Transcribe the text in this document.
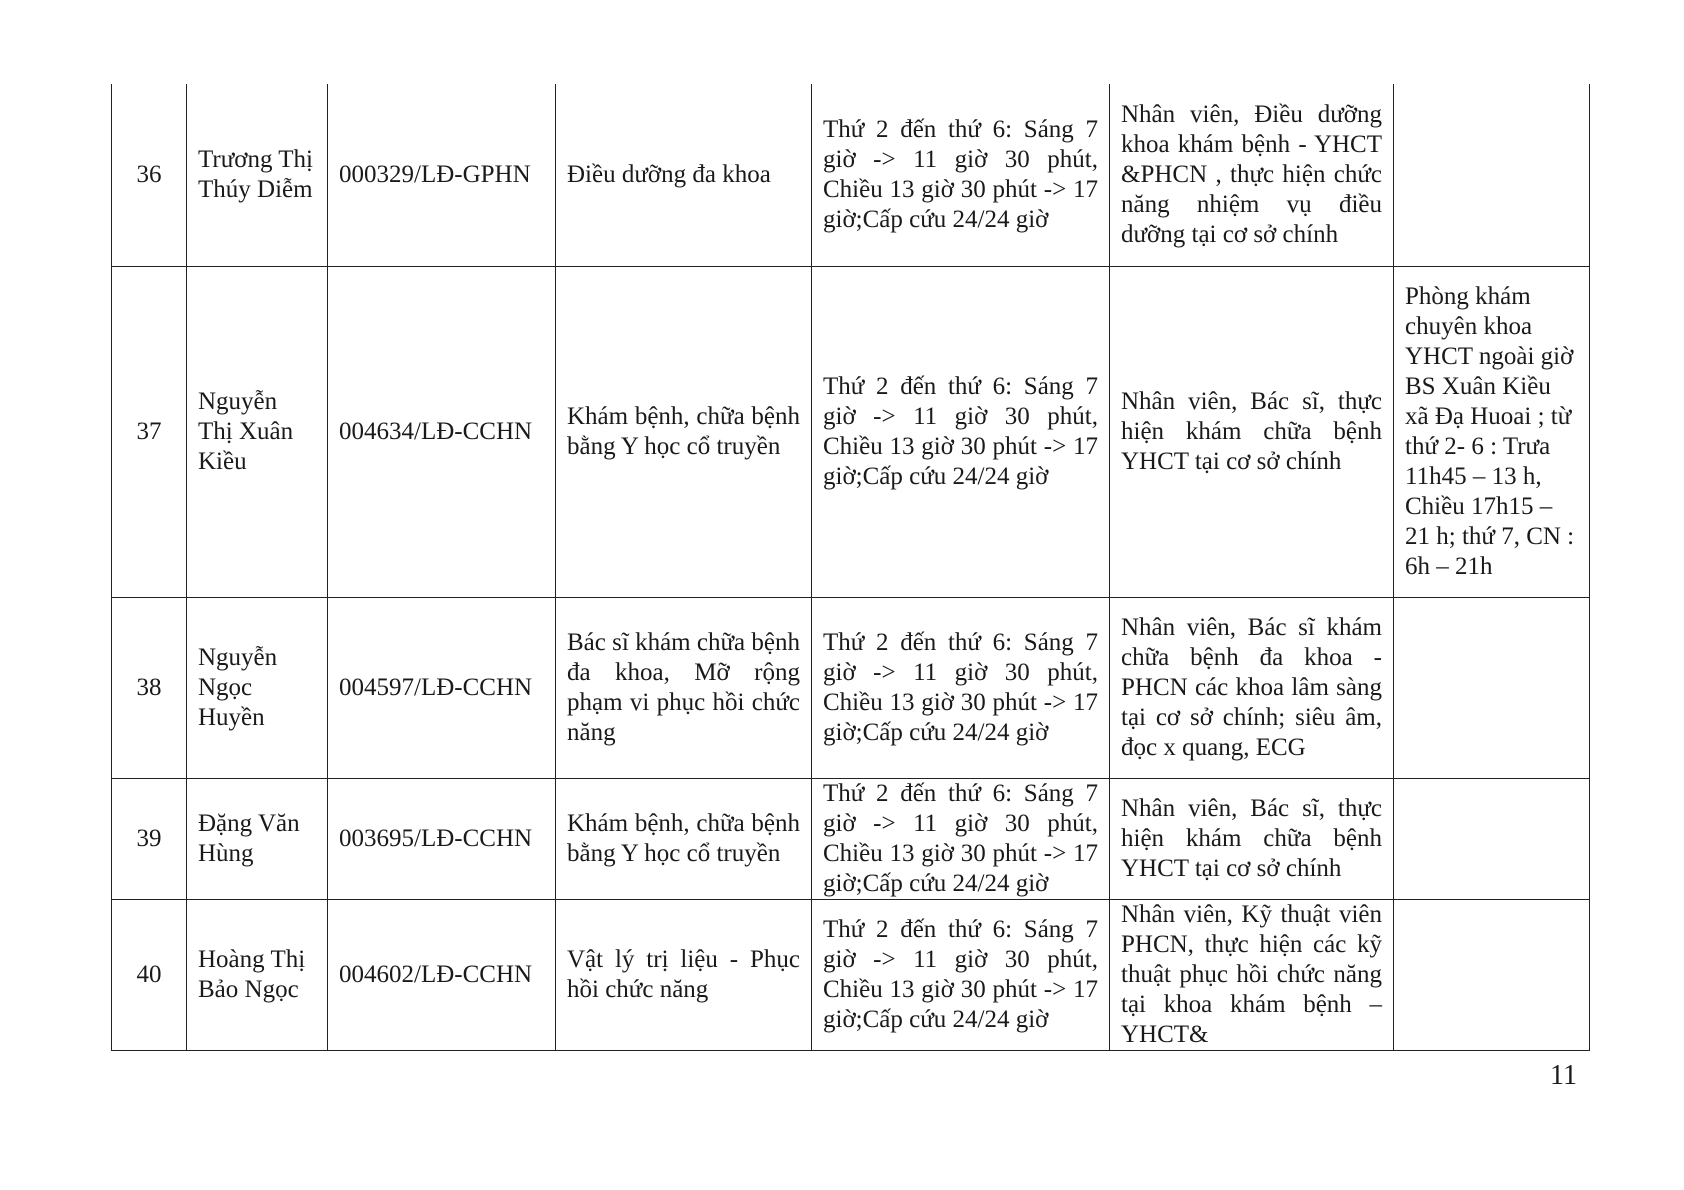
36	Trương Thị Thúy Diễm	000329/LĐ-GPHN	Điều dưỡng đa khoa	Thứ 2 đến thứ 6: Sáng 7 giờ -> 11 giờ 30 phút, Chiều 13 giờ 30 phút -> 17 giờ;Cấp cứu 24/24 giờ	Nhân viên, Điều dưỡng khoa khám bệnh - YHCT &PHCN , thực hiện chức năng nhiệm vụ điều dưỡng tại cơ sở chính	
37	Nguyễn Thị Xuân Kiều	004634/LĐ-CCHN	Khám bệnh, chữa bệnh bằng Y học cổ truyền	Thứ 2 đến thứ 6: Sáng 7 giờ -> 11 giờ 30 phút, Chiều 13 giờ 30 phút -> 17 giờ;Cấp cứu 24/24 giờ	Nhân viên, Bác sĩ, thực hiện khám chữa bệnh YHCT tại cơ sở chính	Phòng khám chuyên khoa YHCT ngoài giờ BS Xuân Kiều xã Đạ Huoai ; từ thứ 2- 6 : Trưa 11h45 – 13 h, Chiều 17h15 – 21 h; thứ 7, CN : 6h – 21h
38	Nguyễn Ngọc Huyền	004597/LĐ-CCHN	Bác sĩ khám chữa bệnh đa khoa, Mỡ rộng phạm vi phục hồi chức năng	Thứ 2 đến thứ 6: Sáng 7 giờ -> 11 giờ 30 phút, Chiều 13 giờ 30 phút -> 17 giờ;Cấp cứu 24/24 giờ	Nhân viên, Bác sĩ khám chữa bệnh đa khoa - PHCN các khoa lâm sàng tại cơ sở chính; siêu âm, đọc x quang, ECG	
39	Đặng Văn Hùng	003695/LĐ-CCHN	Khám bệnh, chữa bệnh bằng Y học cổ truyền	Thứ 2 đến thứ 6: Sáng 7 giờ -> 11 giờ 30 phút, Chiều 13 giờ 30 phút -> 17 giờ;Cấp cứu 24/24 giờ	Nhân viên, Bác sĩ, thực hiện khám chữa bệnh YHCT tại cơ sở chính	
40	Hoàng Thị Bảo Ngọc	004602/LĐ-CCHN	Vật lý trị liệu - Phục hồi chức năng	Thứ 2 đến thứ 6: Sáng 7 giờ -> 11 giờ 30 phút, Chiều 13 giờ 30 phút -> 17 giờ;Cấp cứu 24/24 giờ	Nhân viên, Kỹ thuật viên PHCN, thực hiện các kỹ thuật phục hồi chức năng tại khoa khám bệnh – YHCT&	
11
